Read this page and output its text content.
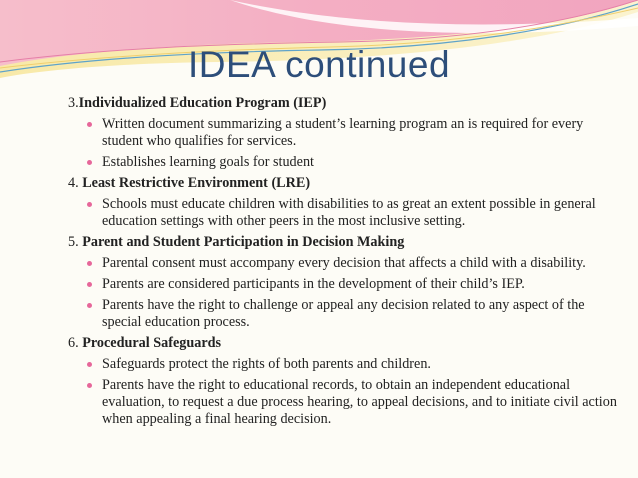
IDEA continued

3.Individualized Education Program (IEP)

Written document summarizing a student’s learning program an is required for every student who qualifies for services.
Establishes learning goals for student

4. Least Restrictive Environment (LRE)

Schools must educate children with disabilities to as great an extent possible in general education settings with other peers in the most inclusive setting.

5. Parent and Student Participation in Decision Making

Parental consent must accompany every decision that affects a child with a disability.
Parents are considered participants in the development of their child’s IEP.
Parents have the right to challenge or appeal any decision related to any aspect of the special education process.

6. Procedural Safeguards

Safeguards protect the rights of both parents and children.
Parents have the right to educational records, to obtain an independent educational evaluation, to request a due process hearing, to appeal decisions, and to initiate civil action when appealing a final hearing decision.
